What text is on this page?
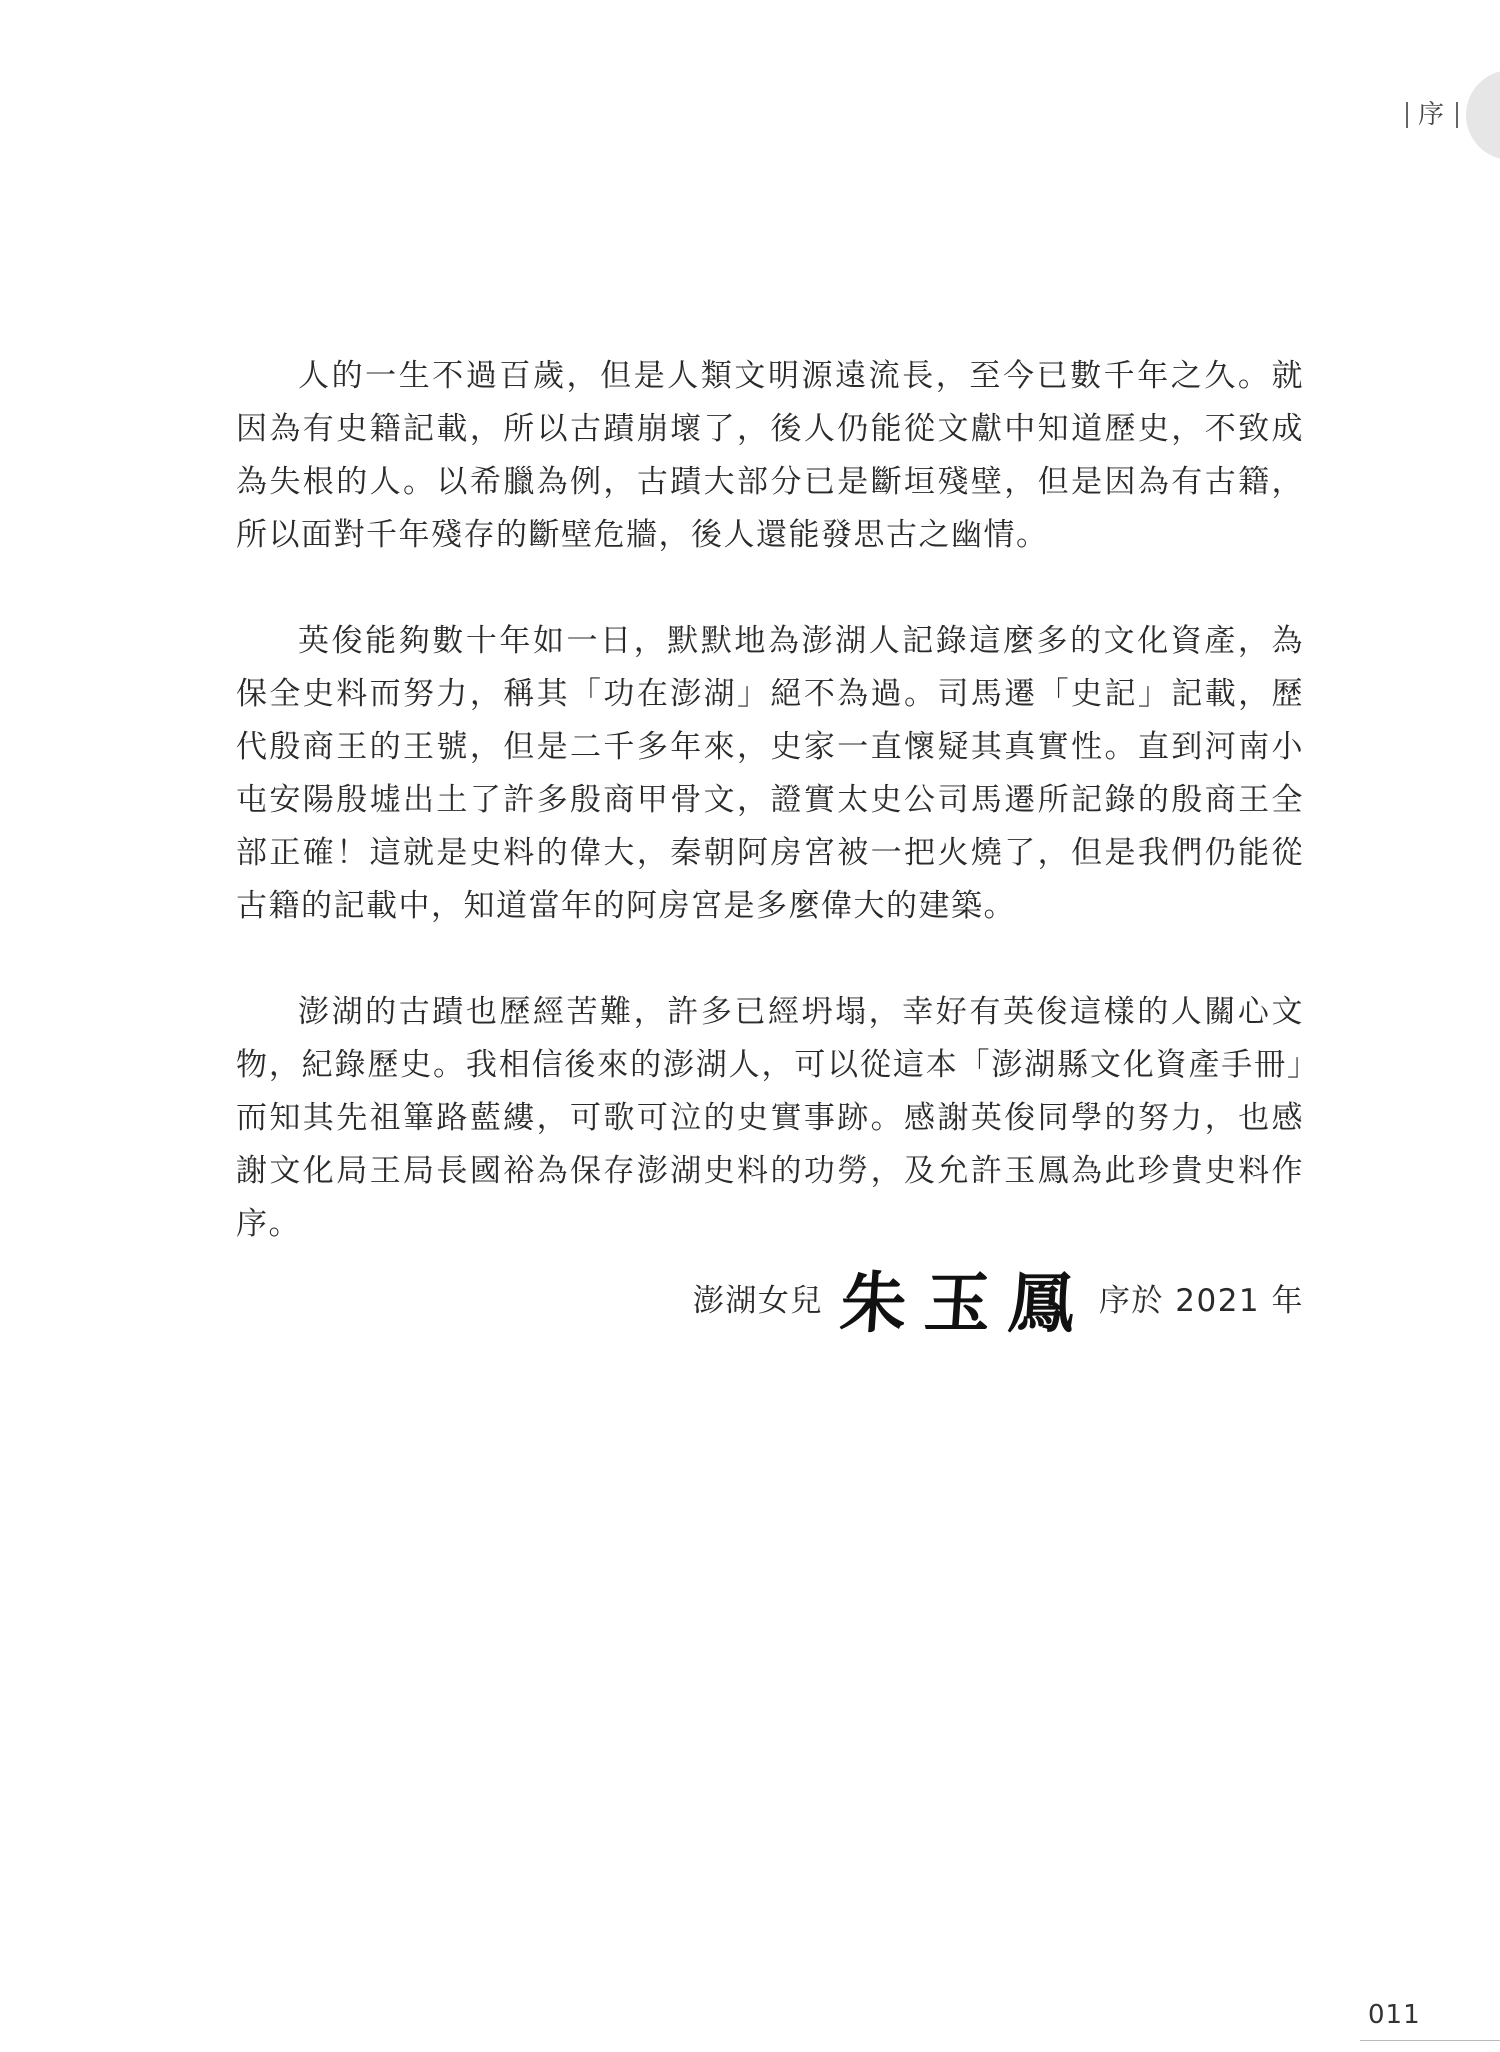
序

人的一生不過百歲，但是人類文明源遠流長，至今已數千年之久。就因為有史籍記載，所以古蹟崩壞了，後人仍能從文獻中知道歷史，不致成為失根的人。以希臘為例，古蹟大部分已是斷垣殘壁，但是因為有古籍，所以面對千年殘存的斷壁危牆，後人還能發思古之幽情。

英俊能夠數十年如一日，默默地為澎湖人記錄這麼多的文化資產，為保全史料而努力，稱其「功在澎湖」絕不為過。司馬遷「史記」記載，歷代殷商王的王號，但是二千多年來，史家一直懷疑其真實性。直到河南小屯安陽殷墟出土了許多殷商甲骨文，證實太史公司馬遷所記錄的殷商王全部正確！這就是史料的偉大，秦朝阿房宮被一把火燒了，但是我們仍能從古籍的記載中，知道當年的阿房宮是多麼偉大的建築。

澎湖的古蹟也歷經苦難，許多已經坍塌，幸好有英俊這樣的人關心文物，紀錄歷史。我相信後來的澎湖人，可以從這本「澎湖縣文化資產手冊」而知其先祖篳路藍縷，可歌可泣的史實事跡。感謝英俊同學的努力，也感謝文化局王局長國裕為保存澎湖史料的功勞，及允許玉鳳為此珍貴史料作序。

澎湖女兒 朱玉鳳 序於 2021 年
011
